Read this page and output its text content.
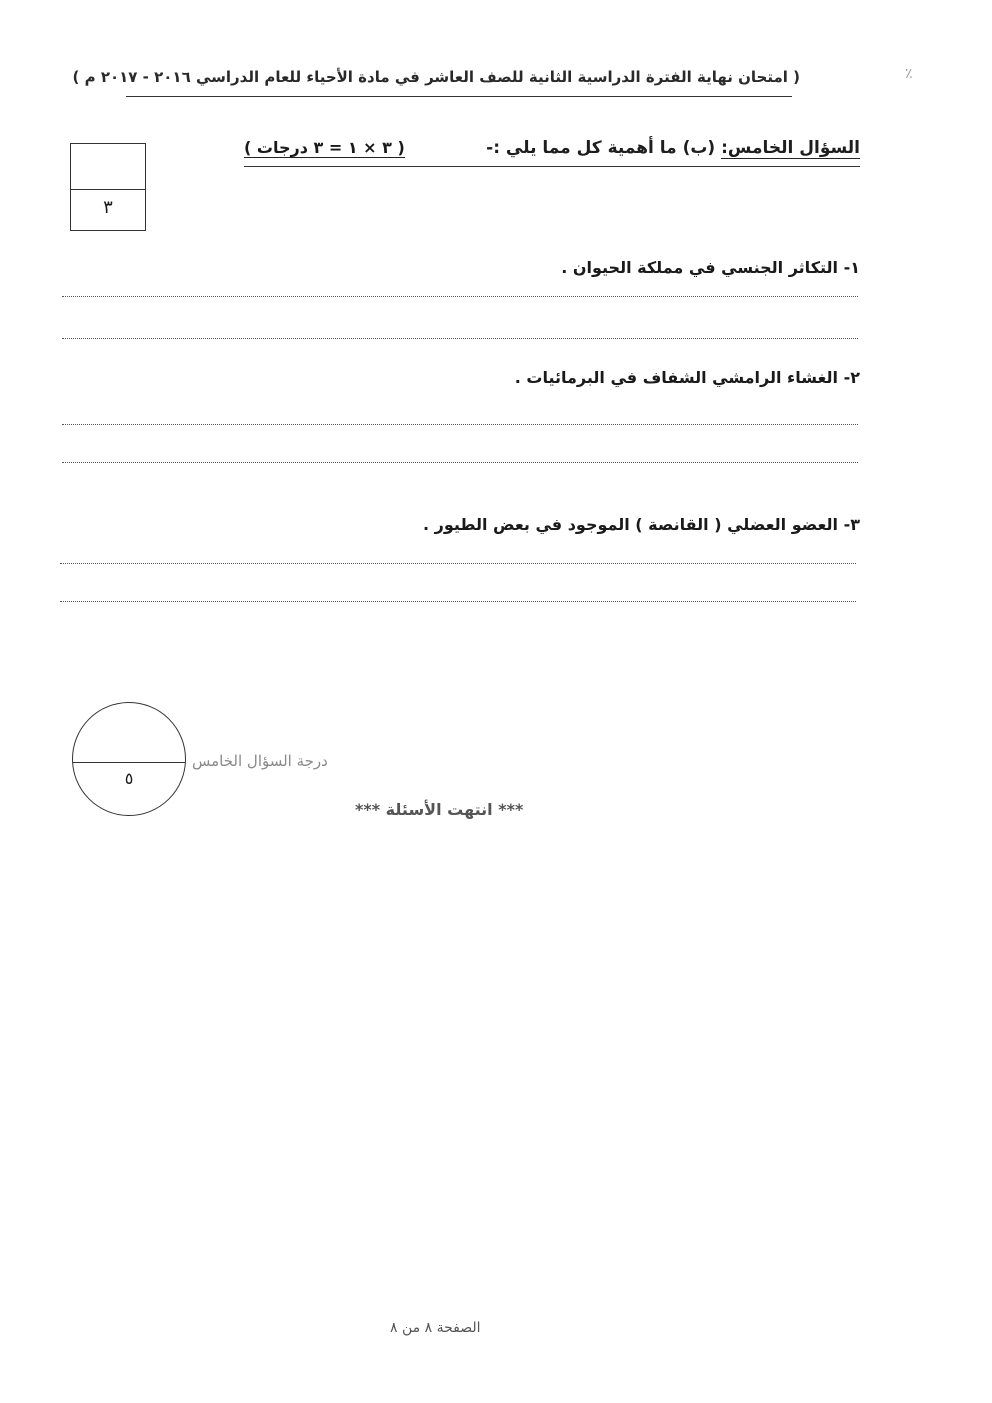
٪
( امتحان نهاية الفترة الدراسية الثانية للصف العاشر في مادة الأحياء للعام الدراسي ٢٠١٦ - ٢٠١٧ م )
السؤال الخامس: (ب) ما أهمية كل مما يلي :-
( ٣ × ١ = ٣ درجات )
٣
١- التكاثر الجنسي في مملكة الحيوان .
٢- الغشاء الرامشي الشفاف في البرمائيات .
٣- العضو العضلي ( القانصة ) الموجود في بعض الطيور .
٥
درجة السؤال الخامس
*** انتهت الأسئلة ***
الصفحة ٨ من ٨
